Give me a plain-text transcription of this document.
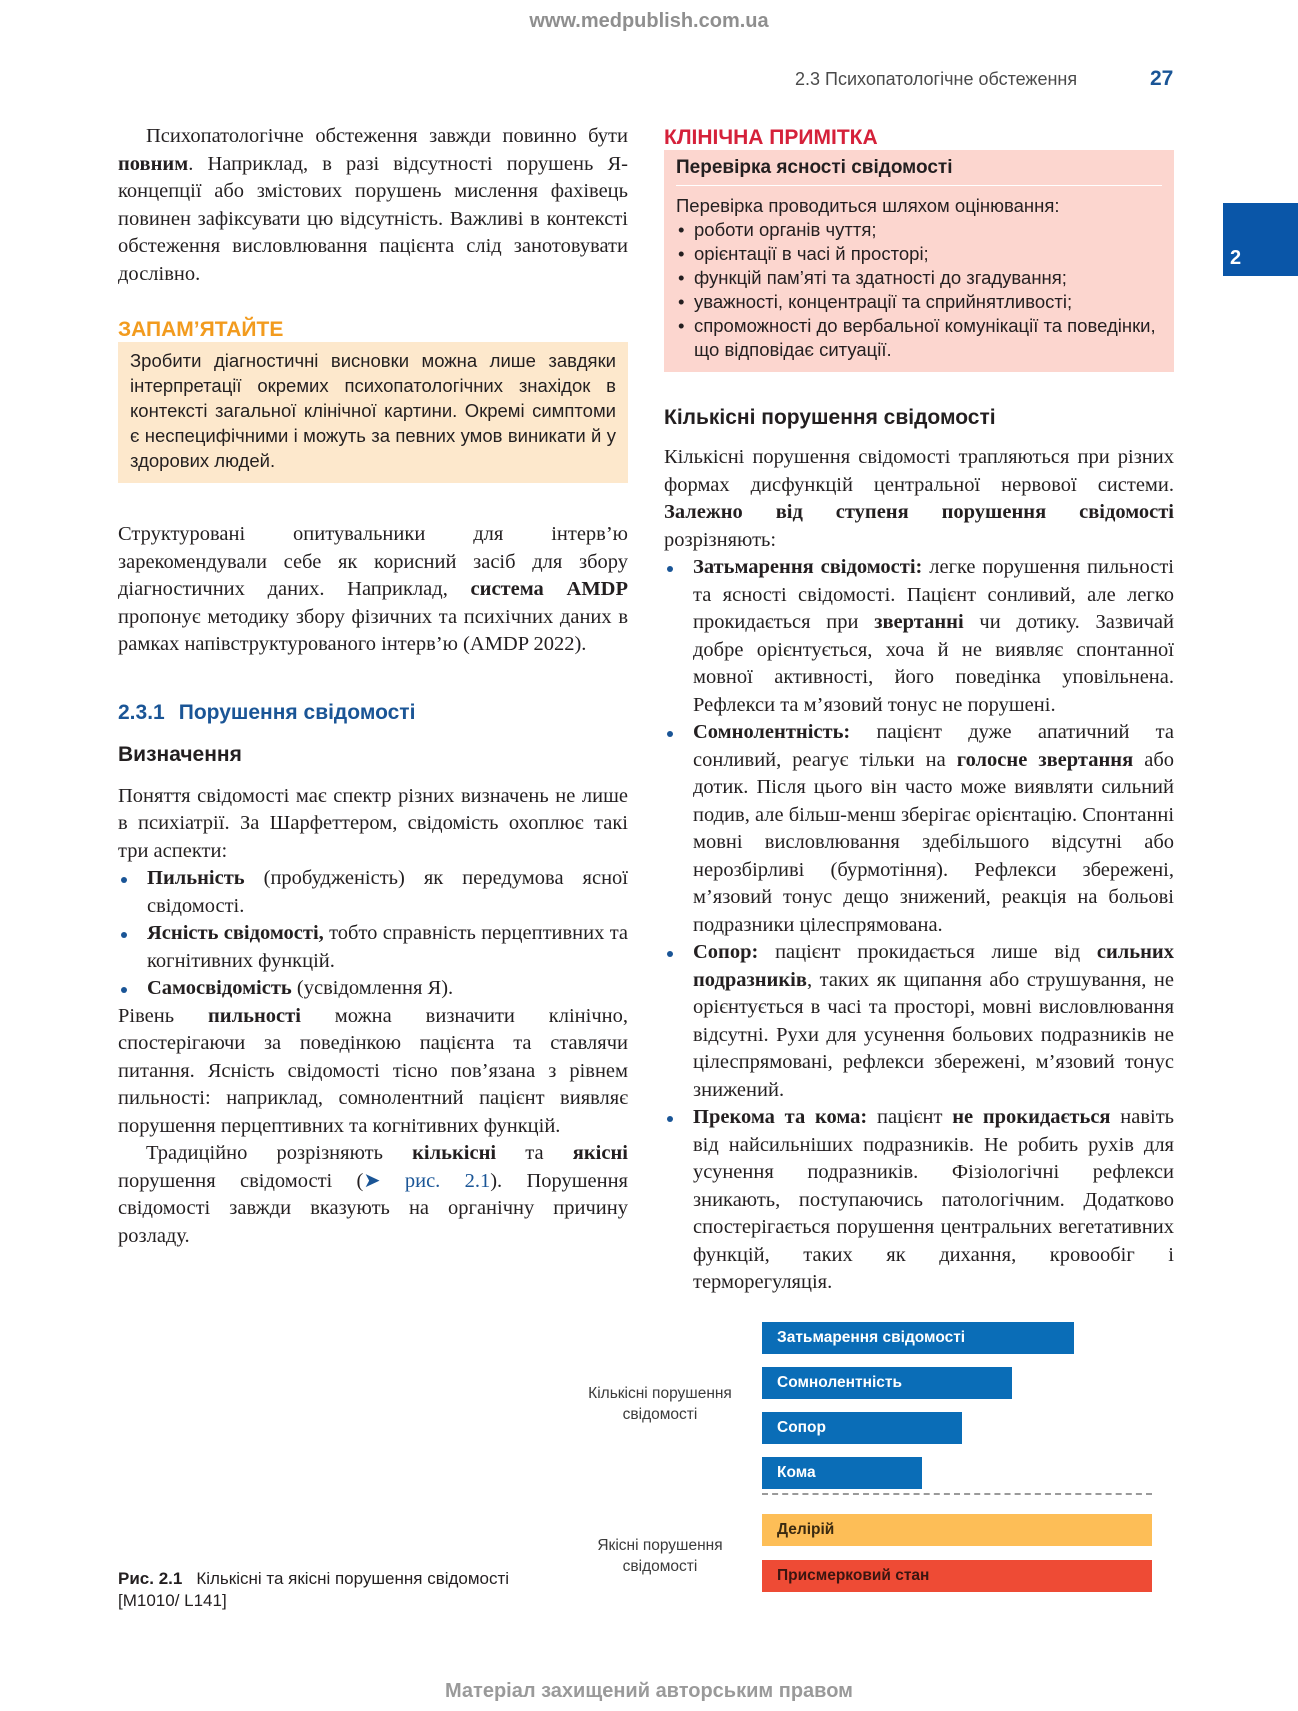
www.medpublish.com.ua
2.3 Психопатологічне обстеження	27
2

Психопатологічне обстеження завжди повинно бути повним. Наприклад, в разі відсутності порушень Я-концепції або змістових порушень мислення фахівець повинен зафіксувати цю відсутність. Важливі в контексті обстеження висловлювання пацієнта слід занотовувати дослівно.

ЗАПАМ’ЯТАЙТЕ
Зробити діагностичні висновки можна лише завдяки інтерпретації окремих психопатологічних знахідок в контексті загальної клінічної картини. Окремі симптоми є неспецифічними і можуть за певних умов виникати й у здорових людей.

Структуровані опитувальники для інтерв’ю зарекомендували себе як корисний засіб для збору діагностичних даних. Наприклад, система AMDP пропонує методику збору фізичних та психічних даних в рамках напівструктурованого інтерв’ю (AMDP 2022).

2.3.1 Порушення свідомості
Визначення

Поняття свідомості має спектр різних визначень не лише в психіатрії. За Шарфеттером, свідомість охоплює такі три аспекти:

Пильність (пробудженість) як передумова ясної свідомості.
Ясність свідомості, тобто справність перцептивних та когнітивних функцій.
Самосвідомість (усвідомлення Я).

Рівень пильності можна визначити клінічно, спостерігаючи за поведінкою пацієнта та ставлячи питання. Ясність свідомості тісно пов’язана з рівнем пильності: наприклад, сомнолентний пацієнт виявляє порушення перцептивних та когнітивних функцій.

Традиційно розрізняють кількісні та якісні порушення свідомості (➤ рис. 2.1). Порушення свідомості завжди вказують на органічну причину розладу.

КЛІНІЧНА ПРИМІТКА
Перевірка ясності свідомості
Перевірка проводиться шляхом оцінювання:
• роботи органів чуття;
• орієнтації в часі й просторі;
• функцій пам’яті та здатності до згадування;
• уважності, концентрації та сприйнятливості;
• спроможності до вербальної комунікації та поведінки, що відповідає ситуації.
Кількісні порушення свідомості

Кількісні порушення свідомості трапляються при різних формах дисфункцій центральної нервової системи. Залежно від ступеня порушення свідомості розрізняють:

Затьмарення свідомості: легке порушення пильності та ясності свідомості. Пацієнт сонливий, але легко прокидається при звертанні чи дотику. Зазвичай добре орієнтується, хоча й не виявляє спонтанної мовної активності, його поведінка уповільнена. Рефлекси та м’язовий тонус не порушені.
Сомнолентність: пацієнт дуже апатичний та сонливий, реагує тільки на голосне звертання або дотик. Після цього він часто може виявляти сильний подив, але більш-менш зберігає орієнтацію. Спонтанні мовні висловлювання здебільшого відсутні або нерозбірливі (бурмотіння). Рефлекси збережені, м’язовий тонус дещо знижений, реакція на больові подразники цілеспрямована.
Сопор: пацієнт прокидається лише від сильних подразників, таких як щипання або струшування, не орієнтується в часі та просторі, мовні висловлювання відсутні. Рухи для усунення больових подразників не цілеспрямовані, рефлекси збережені, м’язовий тонус знижений.
Прекома та кома: пацієнт не прокидається навіть від найсильніших подразників. Не робить рухів для усунення подразників. Фізіологічні рефлекси зникають, поступаючись патологічним. Додатково спостерігається порушення центральних вегетативних функцій, таких як дихання, кровообіг і терморегуляція.
Кількісні порушення свідомості
Якісні порушення свідомості
Затьмарення свідомості
Сомнолентність
Сопор
Кома
Делірій
Присмерковий стан
Рис. 2.1 Кількісні та якісні порушення свідомості [M1010/ L141]
Матеріал захищений авторським правом
